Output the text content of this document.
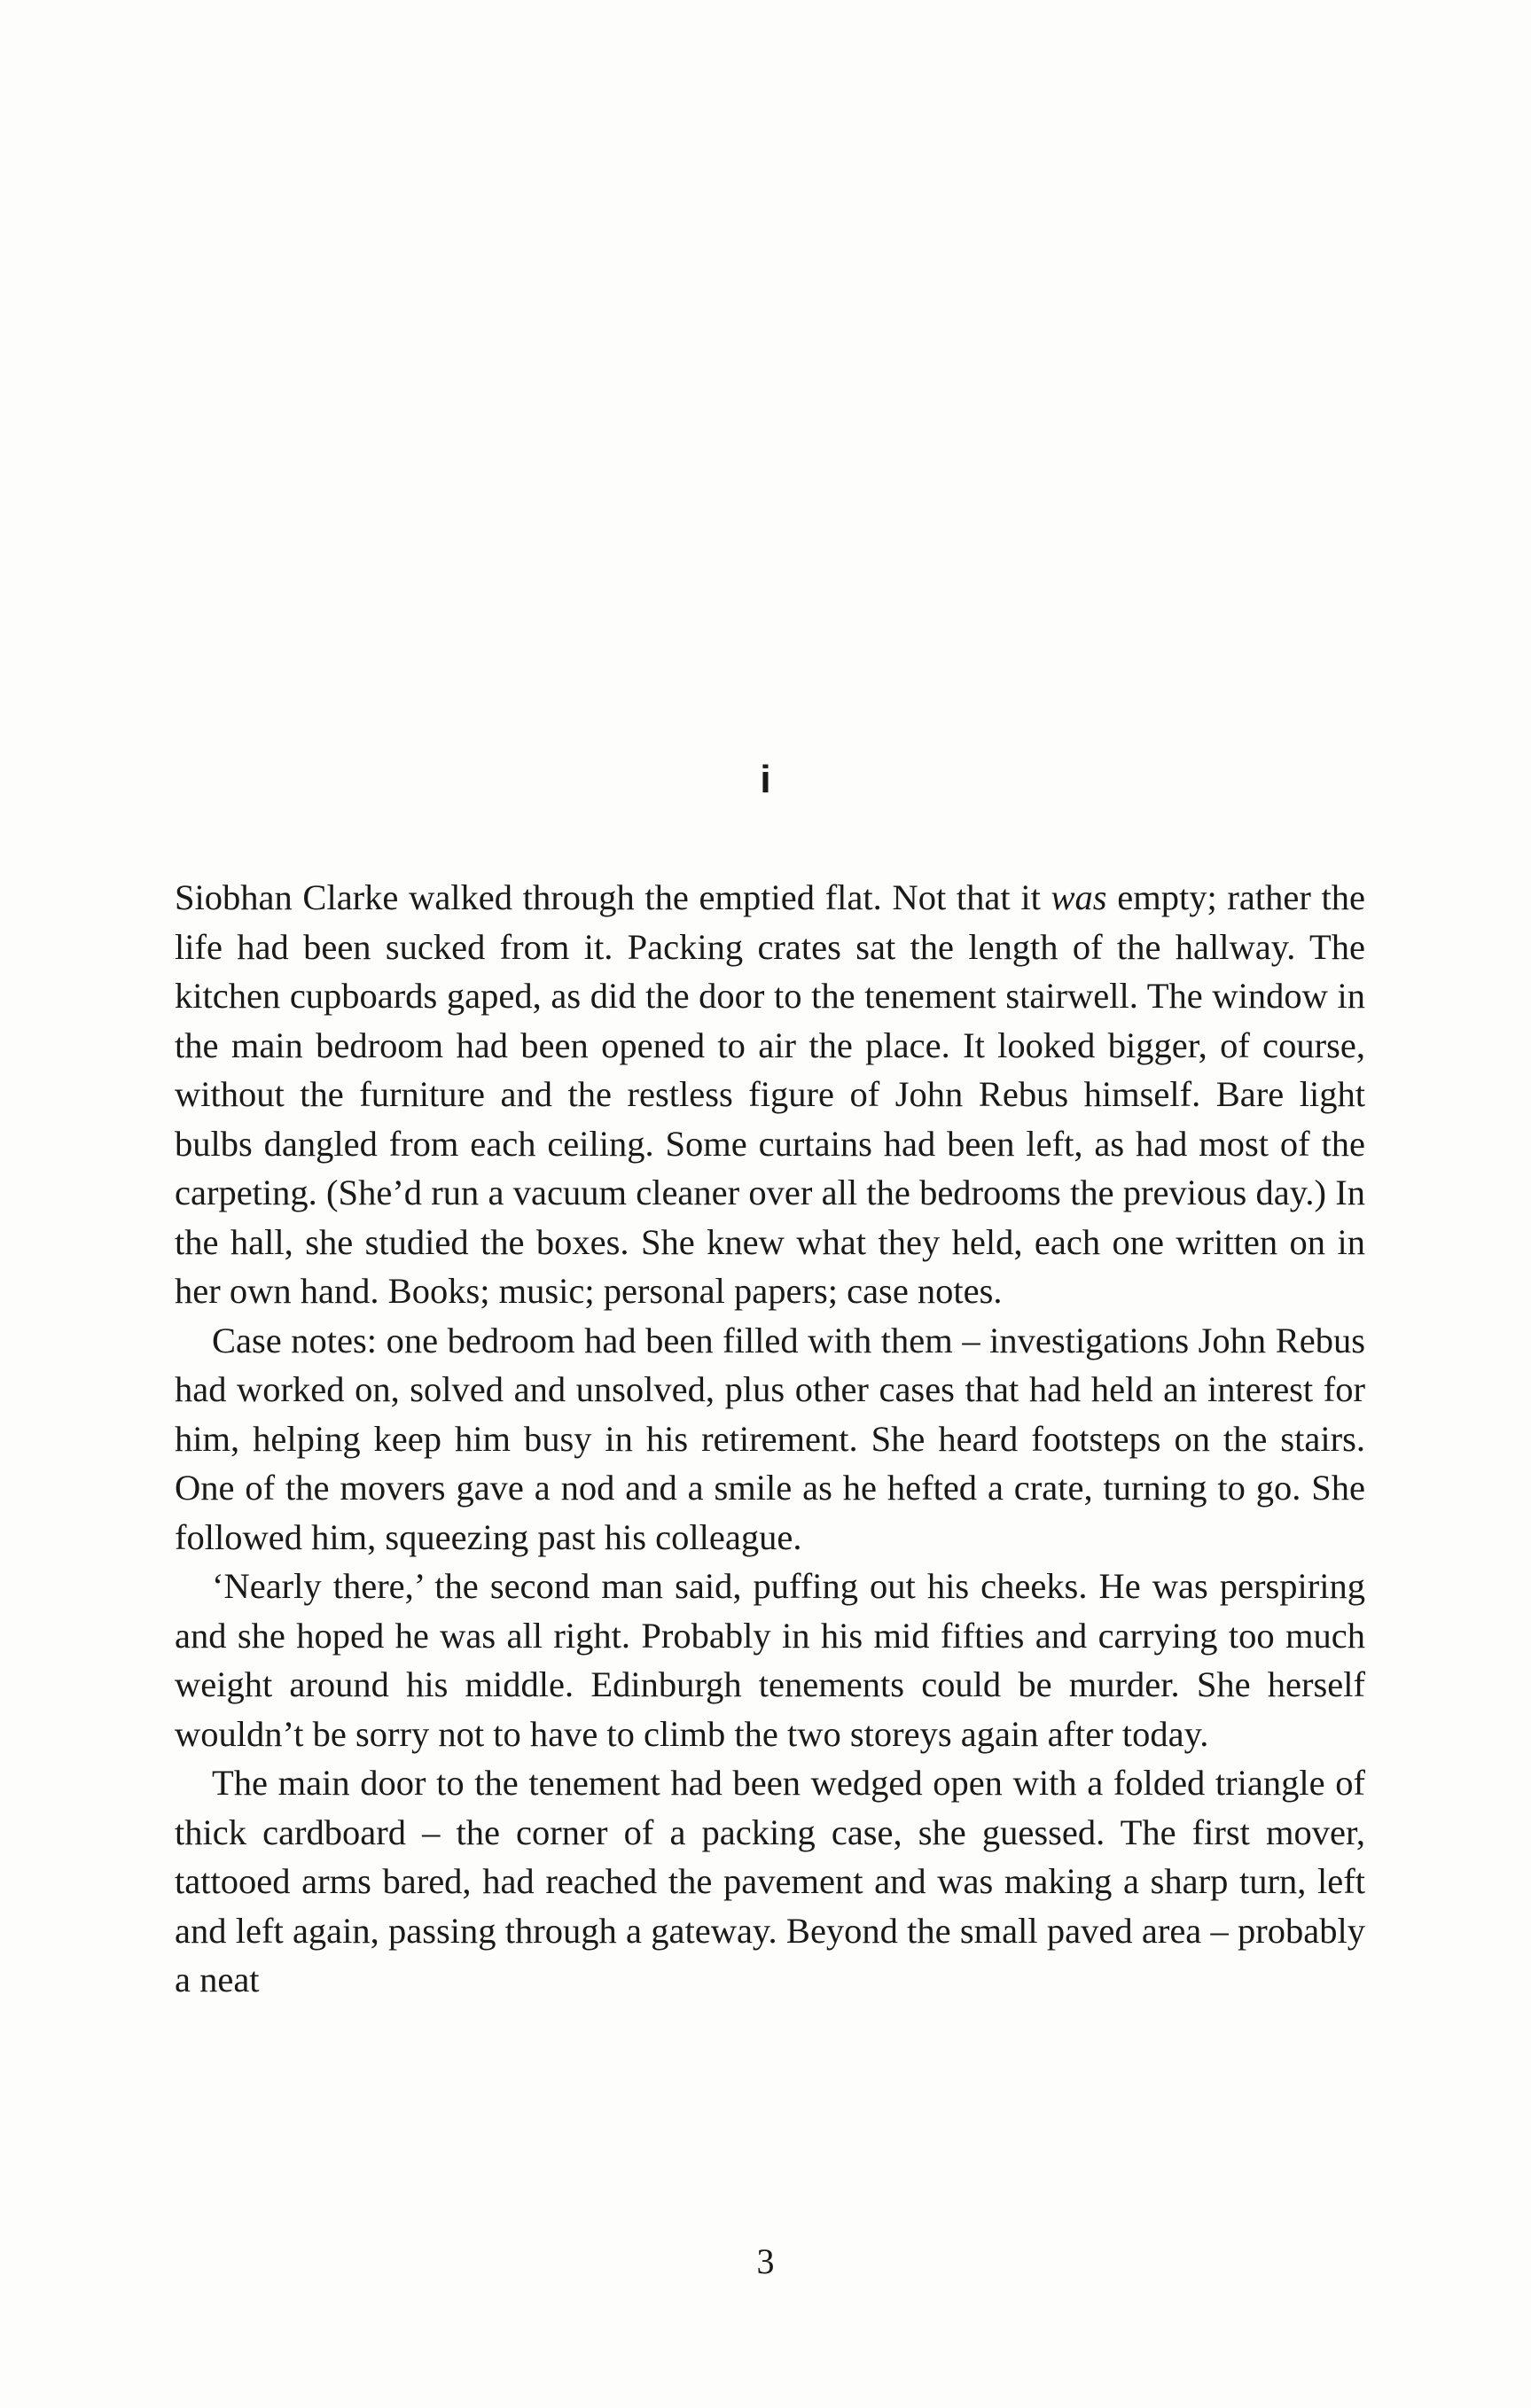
i

Siobhan Clarke walked through the emptied flat. Not that it was empty; rather the life had been sucked from it. Packing crates sat the length of the hallway. The kitchen cupboards gaped, as did the door to the tenement stairwell. The window in the main bedroom had been opened to air the place. It looked bigger, of course, without the furniture and the restless figure of John Rebus himself. Bare light bulbs dangled from each ceiling. Some curtains had been left, as had most of the carpeting. (She’d run a vacuum cleaner over all the bedrooms the previous day.) In the hall, she studied the boxes. She knew what they held, each one written on in her own hand. Books; music; personal papers; case notes.

Case notes: one bedroom had been filled with them – investigations John Rebus had worked on, solved and unsolved, plus other cases that had held an interest for him, helping keep him busy in his retirement. She heard footsteps on the stairs. One of the movers gave a nod and a smile as he hefted a crate, turning to go. She followed him, squeezing past his colleague.

‘Nearly there,’ the second man said, puffing out his cheeks. He was perspiring and she hoped he was all right. Probably in his mid fifties and carrying too much weight around his middle. Edinburgh tenements could be murder. She herself wouldn’t be sorry not to have to climb the two storeys again after today.

The main door to the tenement had been wedged open with a folded triangle of thick cardboard – the corner of a packing case, she guessed. The first mover, tattooed arms bared, had reached the pavement and was making a sharp turn, left and left again, passing through a gateway. Beyond the small paved area – probably a neat

3
